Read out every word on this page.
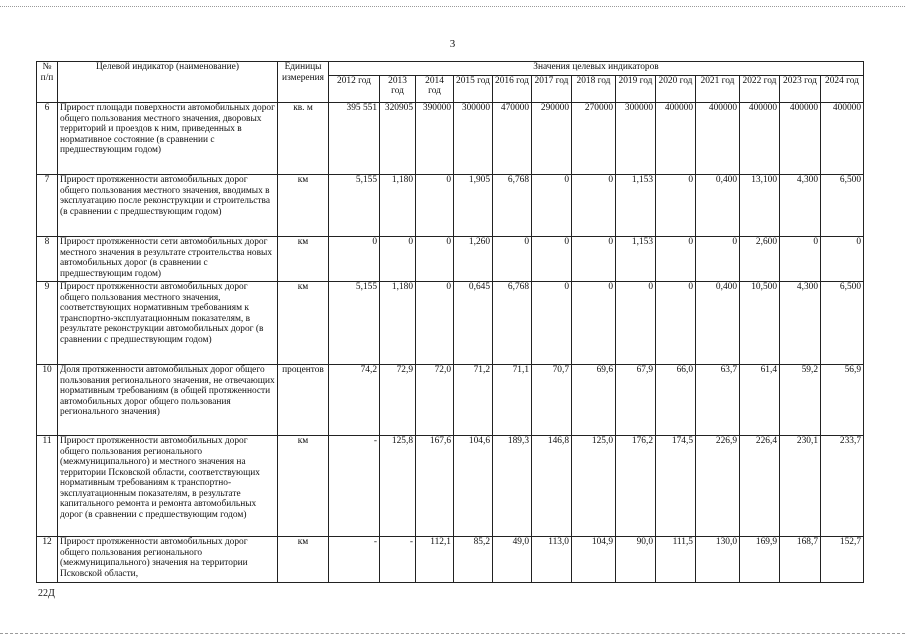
3
№ п/п	Целевой индикатор (наименование)	Единицы измерения	Значения целевых индикаторов												
			2012 год	2013 год	2014 год	2015 год	2016 год	2017 год	2018 год	2019 год	2020 год	2021 год	2022 год	2023 год	2024 год
6	Прирост площади поверхности автомобильных дорог общего пользования местного значения, дворовых территорий и проездов к ним, приведенных в нормативное состояние (в сравнении с предшествующим годом)	кв. м	395 551	320905	390000	300000	470000	290000	270000	300000	400000	400000	400000	400000	400000
7	Прирост протяженности автомобильных дорог общего пользования местного значения, вводимых в эксплуатацию после реконструкции и строительства (в сравнении с предшествующим годом)	км	5,155	1,180	0	1,905	6,768	0	0	1,153	0	0,400	13,100	4,300	6,500
8	Прирост протяженности сети автомобильных дорог местного значения в результате строительства новых автомобильных дорог (в сравнении с предшествующим годом)	км	0	0	0	1,260	0	0	0	1,153	0	0	2,600	0	0
9	Прирост протяженности автомобильных дорог общего пользования местного значения, соответствующих нормативным требованиям к транспортно-эксплуатационным показателям, в результате реконструкции автомобильных дорог (в сравнении с предшествующим годом)	км	5,155	1,180	0	0,645	6,768	0	0	0	0	0,400	10,500	4,300	6,500
10	Доля протяженности автомобильных дорог общего пользования регионального значения, не отвечающих нормативным требованиям (в общей протяженности автомобильных дорог общего пользования регионального значения)	процентов	74,2	72,9	72,0	71,2	71,1	70,7	69,6	67,9	66,0	63,7	61,4	59,2	56,9
11	Прирост протяженности автомобильных дорог общего пользования регионального (межмуниципального) и местного значения на территории Псковской области, соответствующих нормативным требованиям к транспортно-эксплуатационным показателям, в результате капитального ремонта и ремонта автомобильных дорог (в сравнении с предшествующим годом)	км	-	125,8	167,6	104,6	189,3	146,8	125,0	176,2	174,5	226,9	226,4	230,1	233,7
12	Прирост протяженности автомобильных дорог общего пользования регионального (межмуниципального) значения на территории Псковской области,	км	-	-	112,1	85,2	49,0	113,0	104,9	90,0	111,5	130,0	169,9	168,7	152,7
22Д
